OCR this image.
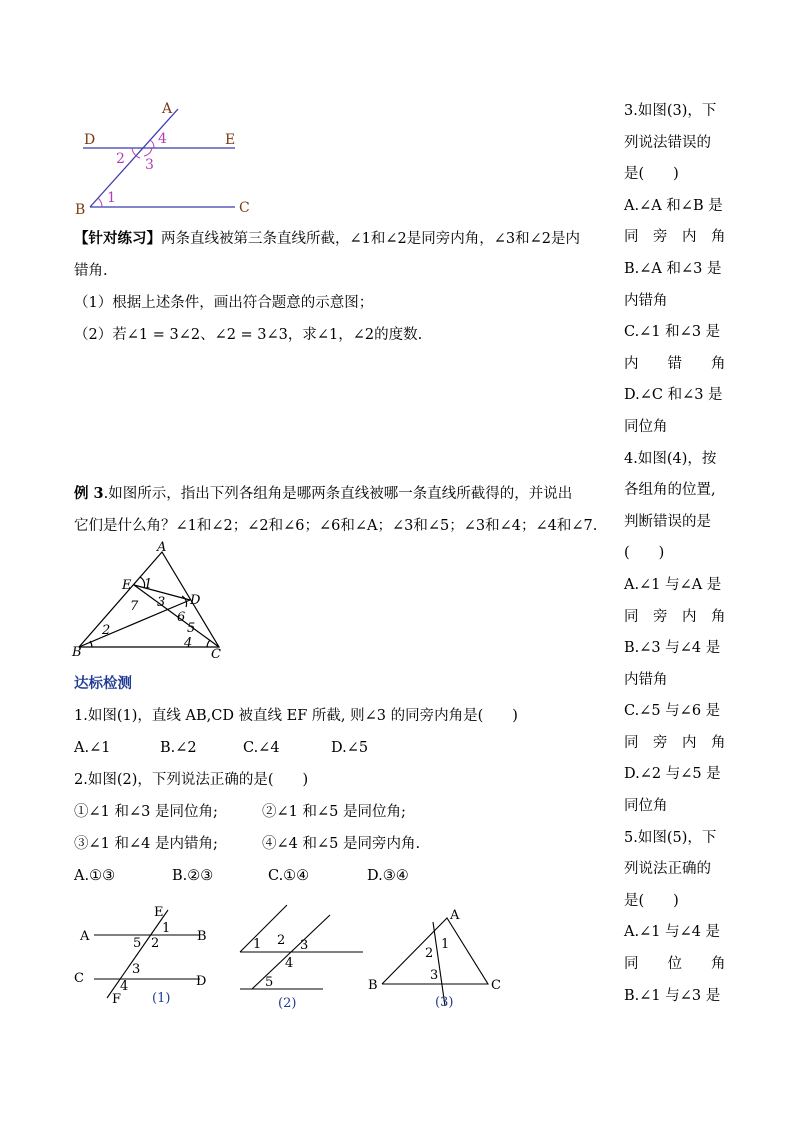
A
D	E
B	C
1
2 3
4
【针对练习】两条直线被第三条直线所截，∠1和∠2是同旁内角，∠3和∠2是内
错角.
（1）根据上述条件，画出符合题意的示意图；
（2）若∠1 = 3∠2、∠2 = 3∠3，求∠1，∠2的度数.
例 3.如图所示，指出下列各组角是哪两条直线被哪一条直线所截得的，并说出
它们是什么角？∠1和∠2；∠2和∠6；∠6和∠A；∠3和∠5；∠3和∠4；∠4和∠7.
A
E
D
B	C
1
2
3
4
5
6
7
达标检测
1.如图(1)，直线 AB,CD 被直线 EF 所截, 则∠3 的同旁内角是(　　)
A.∠1	B.∠2	C.∠4	D.∠5
2.如图(2)，下列说法正确的是(　　)
①∠1 和∠3 是同位角;	②∠1 和∠5 是同位角;
③∠1 和∠4 是内错角;	④∠4 和∠5 是同旁内角.
A.①③	B.②③	C.①④	D.③④
A	B
C	D
E
F
1
2
3
4
5
(1)
1 2 3
4
5
(2)
A
B	C
1
2
3
(3)
3.如图(3)，下
列说法错误的
是(　　)
A.∠A 和∠B 是
同　旁　内　角
B.∠A 和∠3 是
内错角
C.∠1 和∠3 是
内　　错　　角
D.∠C 和∠3 是
同位角
4.如图(4)，按
各组角的位置,
判断错误的是
(　　)
A.∠1 与∠A 是
同　旁　内　角
B.∠3 与∠4 是
内错角
C.∠5 与∠6 是
同　旁　内　角
D.∠2 与∠5 是
同位角
5.如图(5)，下
列说法正确的
是(　　)
A.∠1 与∠4 是
同　　位　　角
B.∠1 与∠3 是
